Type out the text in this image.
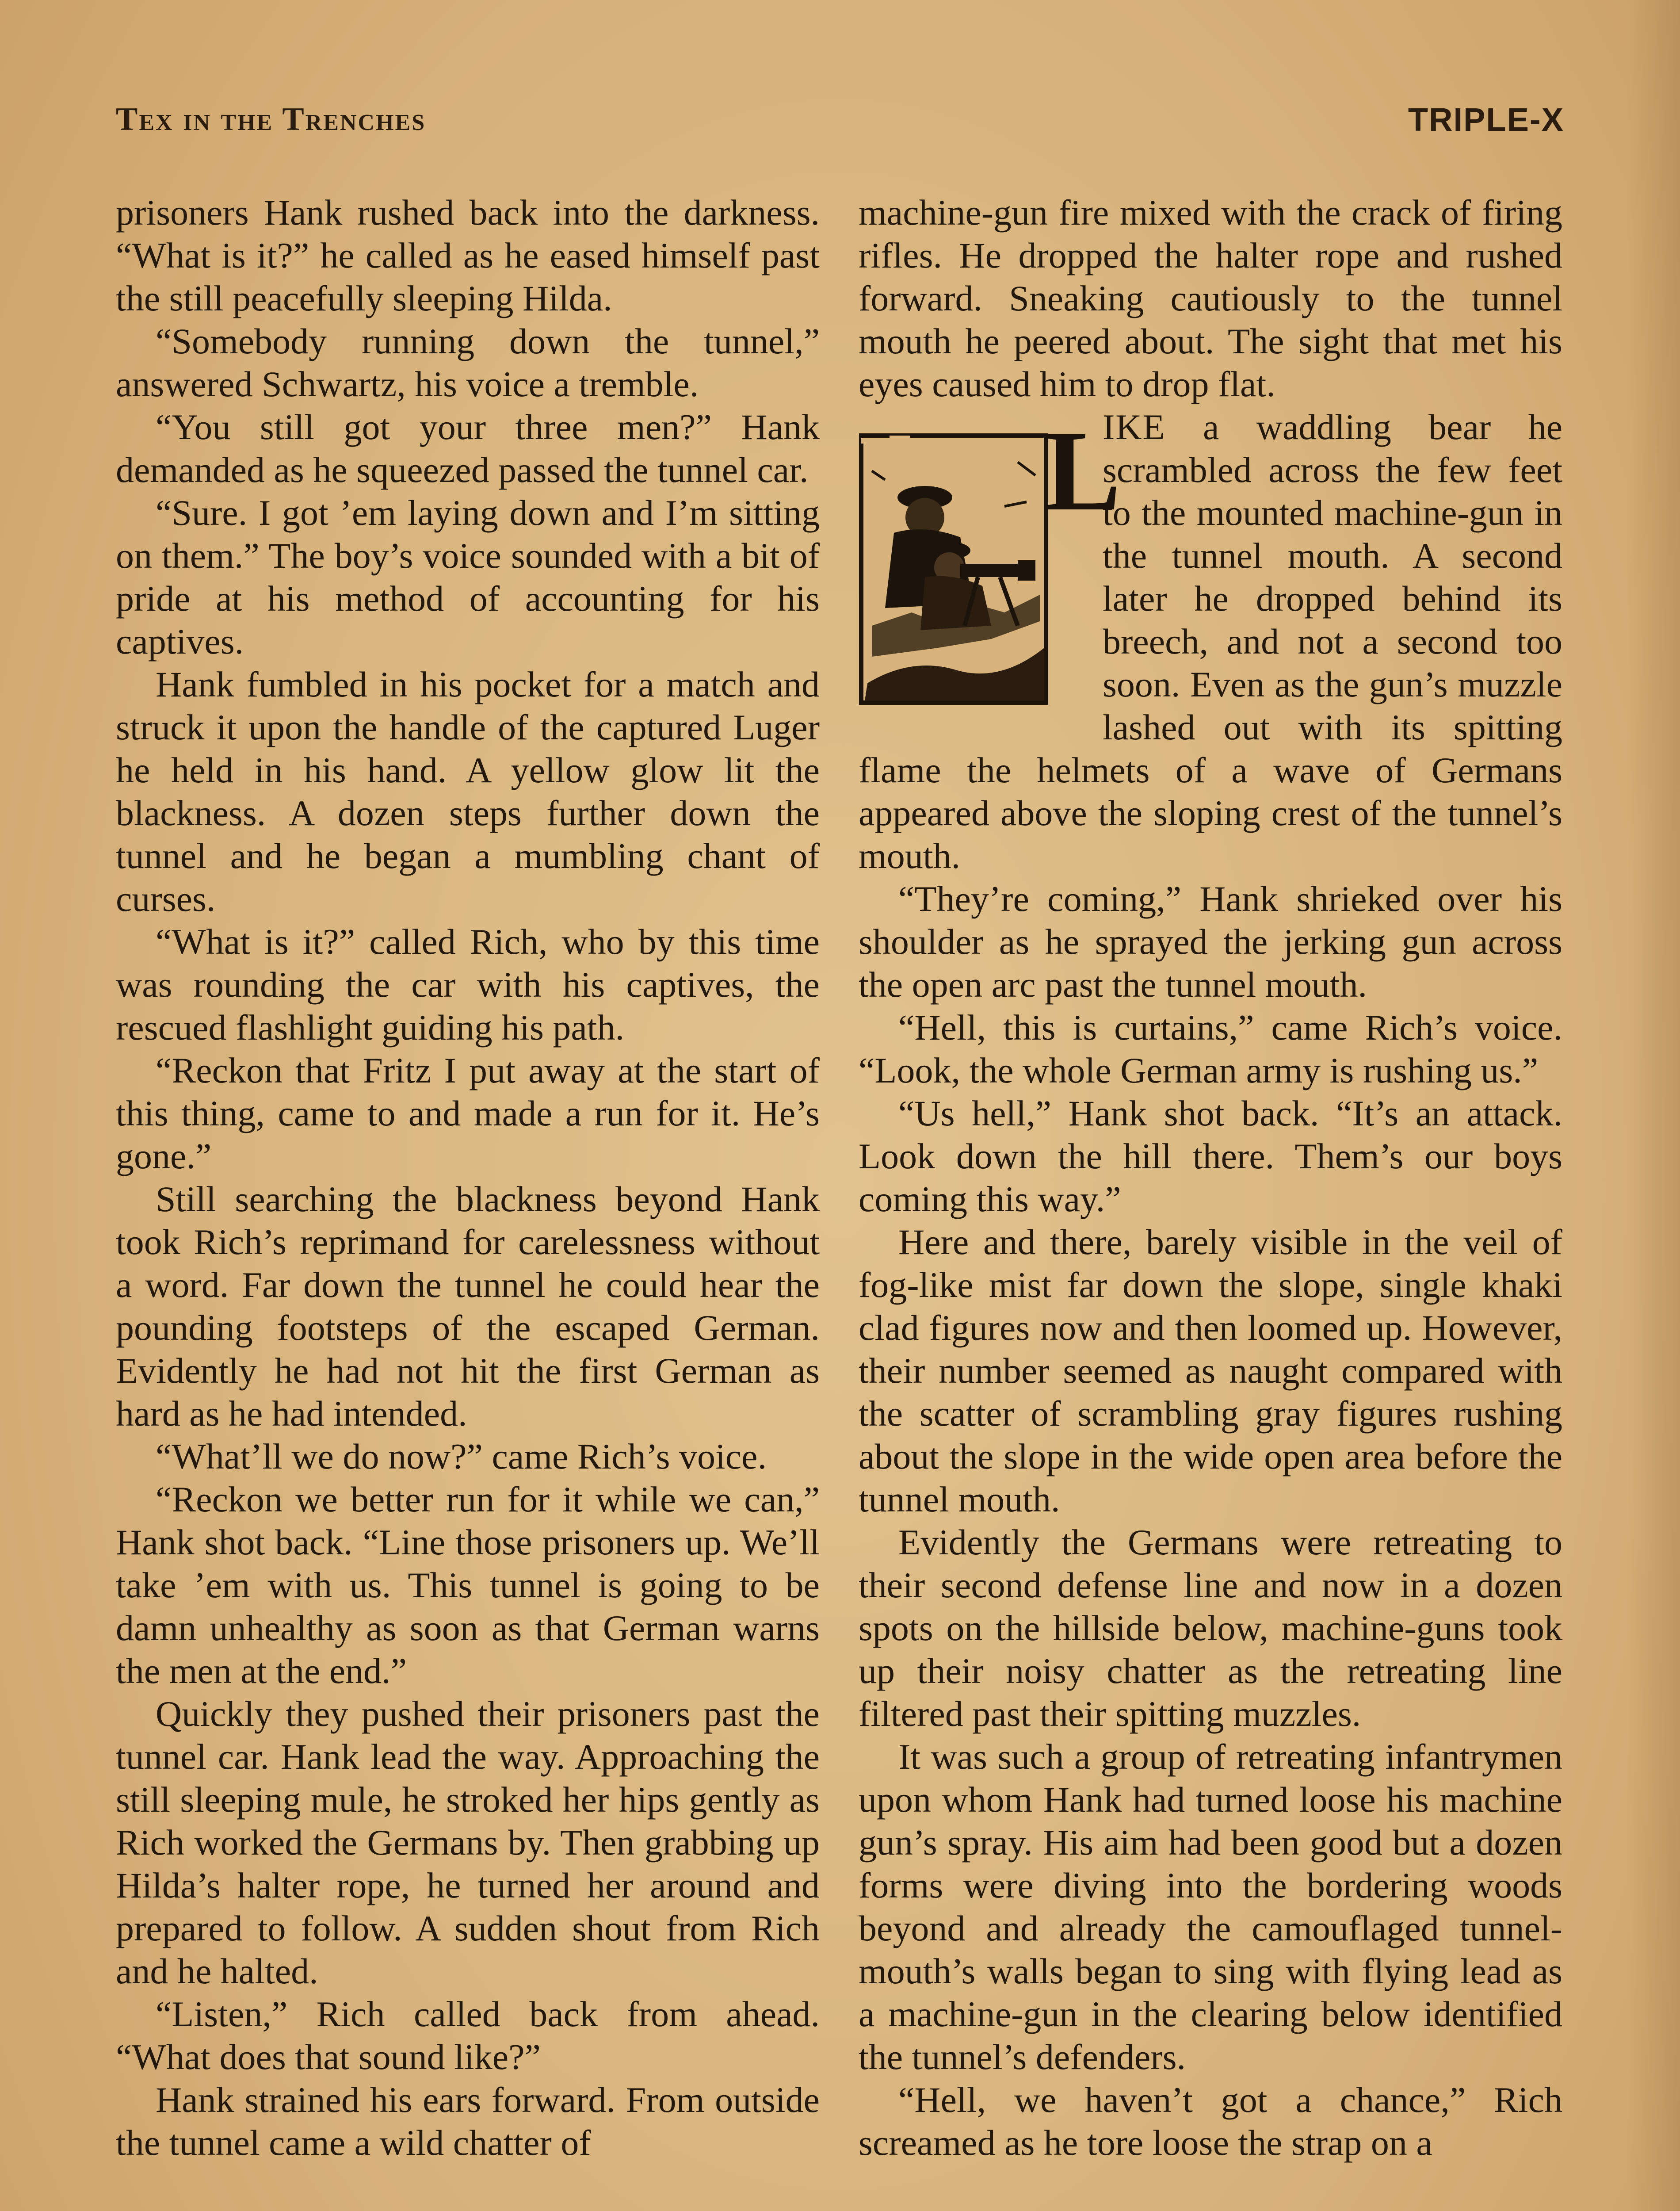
Tex in the Trenches	TRIPLE-X

prisoners Hank rushed back into the darkness. “What is it?” he called as he eased himself past the still peacefully sleeping Hilda.

“Somebody running down the tunnel,” answered Schwartz, his voice a tremble.

“You still got your three men?” Hank demanded as he squeezed passed the tunnel car.

“Sure. I got ’em laying down and I’m sitting on them.” The boy’s voice sounded with a bit of pride at his method of accounting for his captives.

Hank fumbled in his pocket for a match and struck it upon the handle of the captured Luger he held in his hand. A yellow glow lit the blackness. A dozen steps further down the tunnel and he began a mumbling chant of curses.

“What is it?” called Rich, who by this time was rounding the car with his captives, the rescued flashlight guiding his path.

“Reckon that Fritz I put away at the start of this thing, came to and made a run for it. He’s gone.”

Still searching the blackness beyond Hank took Rich’s reprimand for carelessness without a word. Far down the tunnel he could hear the pounding footsteps of the escaped German. Evidently he had not hit the first German as hard as he had intended.

“What’ll we do now?” came Rich’s voice.

“Reckon we better run for it while we can,” Hank shot back. “Line those prisoners up. We’ll take ’em with us. This tunnel is going to be damn unhealthy as soon as that German warns the men at the end.”

Quickly they pushed their prisoners past the tunnel car. Hank lead the way. Approaching the still sleeping mule, he stroked her hips gently as Rich worked the Germans by. Then grabbing up Hilda’s halter rope, he turned her around and prepared to follow. A sudden shout from Rich and he halted.

“Listen,” Rich called back from ahead. “What does that sound like?”

Hank strained his ears forward. From outside the tunnel came a wild chatter of

machine-gun fire mixed with the crack of firing rifles. He dropped the halter rope and rushed forward. Sneaking cautiously to the tunnel mouth he peered about. The sight that met his eyes caused him to drop flat.

L

IKE a waddling bear he scrambled across the few feet to the mounted machine-gun in the tunnel mouth. A second later he dropped behind its breech, and not a second too soon. Even as the gun’s muzzle lashed out with its spitting flame the helmets of a wave of Germans appeared above the sloping crest of the tunnel’s mouth.

“They’re coming,” Hank shrieked over his shoulder as he sprayed the jerking gun across the open arc past the tunnel mouth.

“Hell, this is curtains,” came Rich’s voice. “Look, the whole German army is rushing us.”

“Us hell,” Hank shot back. “It’s an attack. Look down the hill there. Them’s our boys coming this way.”

Here and there, barely visible in the veil of fog-like mist far down the slope, single khaki clad figures now and then loomed up. However, their number seemed as naught compared with the scatter of scrambling gray figures rushing about the slope in the wide open area before the tunnel mouth.

Evidently the Germans were retreating to their second defense line and now in a dozen spots on the hillside below, machine-guns took up their noisy chatter as the retreating line filtered past their spitting muzzles.

It was such a group of retreating infantrymen upon whom Hank had turned loose his machine gun’s spray. His aim had been good but a dozen forms were diving into the bordering woods beyond and already the camouflaged tunnel-mouth’s walls began to sing with flying lead as a machine-gun in the clearing below identified the tunnel’s defenders.

“Hell, we haven’t got a chance,” Rich screamed as he tore loose the strap on a
